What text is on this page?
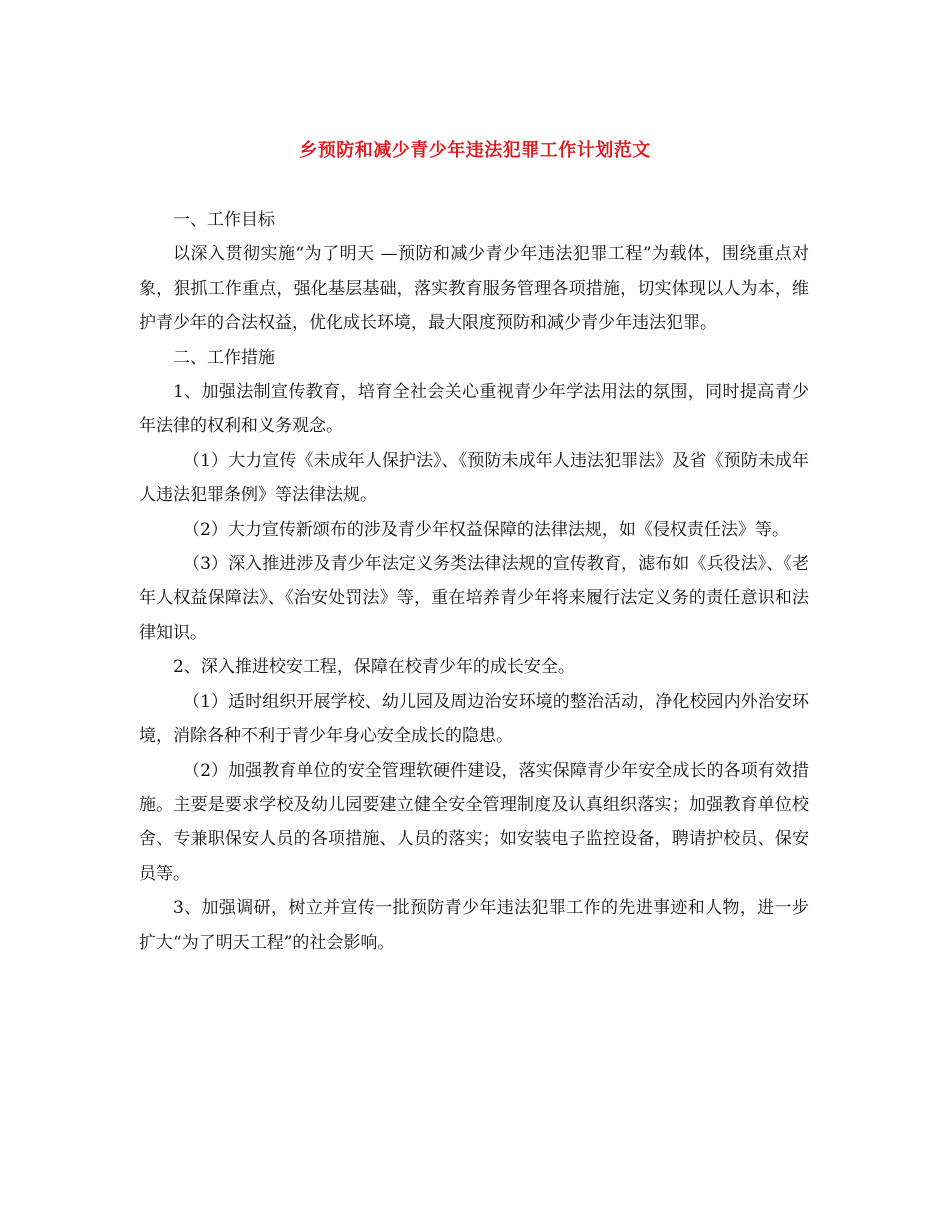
乡预防和减少青少年违法犯罪工作计划范文

一、工作目标

以深入贯彻实施“为了明天 —预防和减少青少年违法犯罪工程”为载体，围绕重点对象，狠抓工作重点，强化基层基础，落实教育服务管理各项措施，切实体现以人为本，维护青少年的合法权益，优化成长环境，最大限度预防和减少青少年违法犯罪。

二、工作措施

1、加强法制宣传教育，培育全社会关心重视青少年学法用法的氛围，同时提高青少年法律的权利和义务观念。

（1）大力宣传《未成年人保护法》、《预防未成年人违法犯罪法》及省《预防未成年人违法犯罪条例》等法律法规。

（2）大力宣传新颂布的涉及青少年权益保障的法律法规，如《侵权责任法》等。

（3）深入推进涉及青少年法定义务类法律法规的宣传教育，滤布如《兵役法》、《老年人权益保障法》、《治安处罚法》等，重在培养青少年将来履行法定义务的责任意识和法律知识。

2、深入推进校安工程，保障在校青少年的成长安全。

（1）适时组织开展学校、幼儿园及周边治安环境的整治活动，净化校园内外治安环境，消除各种不利于青少年身心安全成长的隐患。

（2）加强教育单位的安全管理软硬件建设，落实保障青少年安全成长的各项有效措施。主要是要求学校及幼儿园要建立健全安全管理制度及认真组织落实；加强教育单位校舍、专兼职保安人员的各项措施、人员的落实；如安装电子监控设备，聘请护校员、保安员等。

3、加强调研，树立并宣传一批预防青少年违法犯罪工作的先进事迹和人物，进一步扩大“为了明天工程”的社会影响。
